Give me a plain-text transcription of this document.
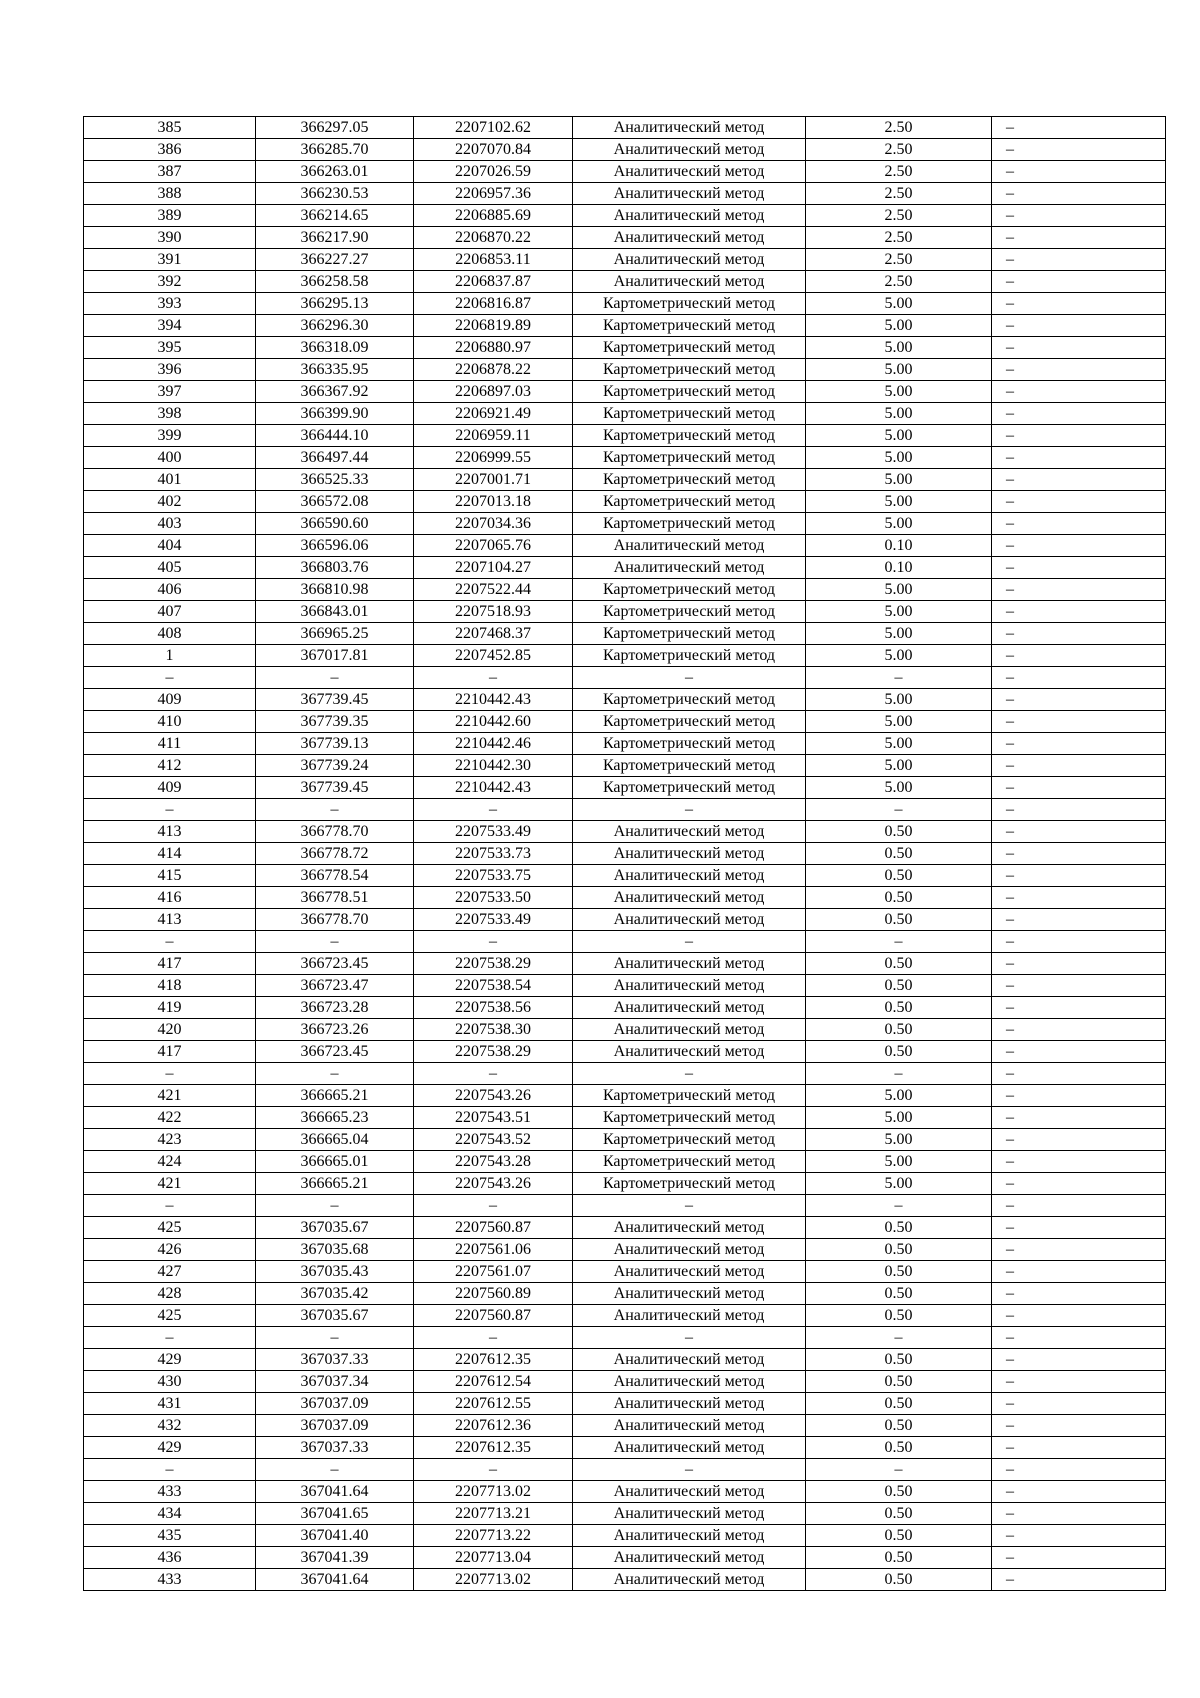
385	366297.05	2207102.62	Аналитический метод	2.50	–
386	366285.70	2207070.84	Аналитический метод	2.50	–
387	366263.01	2207026.59	Аналитический метод	2.50	–
388	366230.53	2206957.36	Аналитический метод	2.50	–
389	366214.65	2206885.69	Аналитический метод	2.50	–
390	366217.90	2206870.22	Аналитический метод	2.50	–
391	366227.27	2206853.11	Аналитический метод	2.50	–
392	366258.58	2206837.87	Аналитический метод	2.50	–
393	366295.13	2206816.87	Картометрический метод	5.00	–
394	366296.30	2206819.89	Картометрический метод	5.00	–
395	366318.09	2206880.97	Картометрический метод	5.00	–
396	366335.95	2206878.22	Картометрический метод	5.00	–
397	366367.92	2206897.03	Картометрический метод	5.00	–
398	366399.90	2206921.49	Картометрический метод	5.00	–
399	366444.10	2206959.11	Картометрический метод	5.00	–
400	366497.44	2206999.55	Картометрический метод	5.00	–
401	366525.33	2207001.71	Картометрический метод	5.00	–
402	366572.08	2207013.18	Картометрический метод	5.00	–
403	366590.60	2207034.36	Картометрический метод	5.00	–
404	366596.06	2207065.76	Аналитический метод	0.10	–
405	366803.76	2207104.27	Аналитический метод	0.10	–
406	366810.98	2207522.44	Картометрический метод	5.00	–
407	366843.01	2207518.93	Картометрический метод	5.00	–
408	366965.25	2207468.37	Картометрический метод	5.00	–
1	367017.81	2207452.85	Картометрический метод	5.00	–
–	–	–	–	–	–
409	367739.45	2210442.43	Картометрический метод	5.00	–
410	367739.35	2210442.60	Картометрический метод	5.00	–
411	367739.13	2210442.46	Картометрический метод	5.00	–
412	367739.24	2210442.30	Картометрический метод	5.00	–
409	367739.45	2210442.43	Картометрический метод	5.00	–
–	–	–	–	–	–
413	366778.70	2207533.49	Аналитический метод	0.50	–
414	366778.72	2207533.73	Аналитический метод	0.50	–
415	366778.54	2207533.75	Аналитический метод	0.50	–
416	366778.51	2207533.50	Аналитический метод	0.50	–
413	366778.70	2207533.49	Аналитический метод	0.50	–
–	–	–	–	–	–
417	366723.45	2207538.29	Аналитический метод	0.50	–
418	366723.47	2207538.54	Аналитический метод	0.50	–
419	366723.28	2207538.56	Аналитический метод	0.50	–
420	366723.26	2207538.30	Аналитический метод	0.50	–
417	366723.45	2207538.29	Аналитический метод	0.50	–
–	–	–	–	–	–
421	366665.21	2207543.26	Картометрический метод	5.00	–
422	366665.23	2207543.51	Картометрический метод	5.00	–
423	366665.04	2207543.52	Картометрический метод	5.00	–
424	366665.01	2207543.28	Картометрический метод	5.00	–
421	366665.21	2207543.26	Картометрический метод	5.00	–
–	–	–	–	–	–
425	367035.67	2207560.87	Аналитический метод	0.50	–
426	367035.68	2207561.06	Аналитический метод	0.50	–
427	367035.43	2207561.07	Аналитический метод	0.50	–
428	367035.42	2207560.89	Аналитический метод	0.50	–
425	367035.67	2207560.87	Аналитический метод	0.50	–
–	–	–	–	–	–
429	367037.33	2207612.35	Аналитический метод	0.50	–
430	367037.34	2207612.54	Аналитический метод	0.50	–
431	367037.09	2207612.55	Аналитический метод	0.50	–
432	367037.09	2207612.36	Аналитический метод	0.50	–
429	367037.33	2207612.35	Аналитический метод	0.50	–
–	–	–	–	–	–
433	367041.64	2207713.02	Аналитический метод	0.50	–
434	367041.65	2207713.21	Аналитический метод	0.50	–
435	367041.40	2207713.22	Аналитический метод	0.50	–
436	367041.39	2207713.04	Аналитический метод	0.50	–
433	367041.64	2207713.02	Аналитический метод	0.50	–
